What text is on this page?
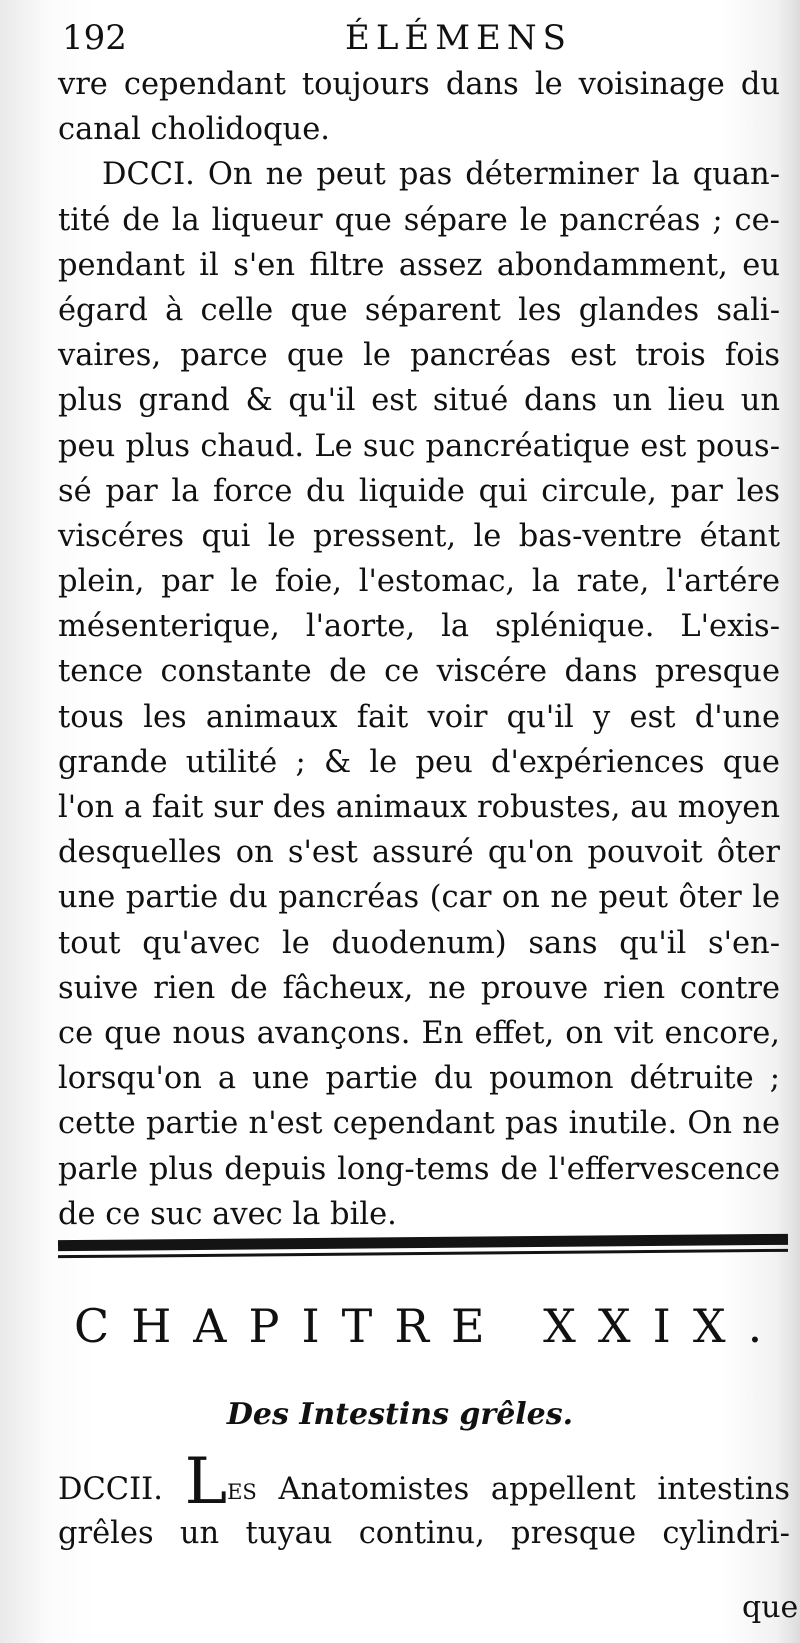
192	ÉLÉMENS
vre cependant toujours dans le voisinage du
canal cholidoque.
DCCI. On ne peut pas déterminer la quan-
tité de la liqueur que sépare le pancréas ; ce-
pendant il s'en filtre assez abondamment, eu
égard à celle que séparent les glandes sali-
vaires, parce que le pancréas est trois fois
plus grand & qu'il est situé dans un lieu un
peu plus chaud. Le suc pancréatique est pous-
sé par la force du liquide qui circule, par les
viscéres qui le pressent, le bas-ventre étant
plein, par le foie, l'estomac, la rate, l'artére
mésenterique, l'aorte, la splénique. L'exis-
tence constante de ce viscére dans presque
tous les animaux fait voir qu'il y est d'une
grande utilité ; & le peu d'expériences que
l'on a fait sur des animaux robustes, au moyen
desquelles on s'est assuré qu'on pouvoit ôter
une partie du pancréas (car on ne peut ôter le
tout qu'avec le duodenum) sans qu'il s'en-
suive rien de fâcheux, ne prouve rien contre
ce que nous avançons. En effet, on vit encore,
lorsqu'on a une partie du poumon détruite ;
cette partie n'est cependant pas inutile. On ne
parle plus depuis long-tems de l'effervescence
de ce suc avec la bile.
CHAPITRE XXIX.
Des Intestins grêles.
DCCII. Les Anatomistes appellent intestins
grêles un tuyau continu, presque cylindri-
que
